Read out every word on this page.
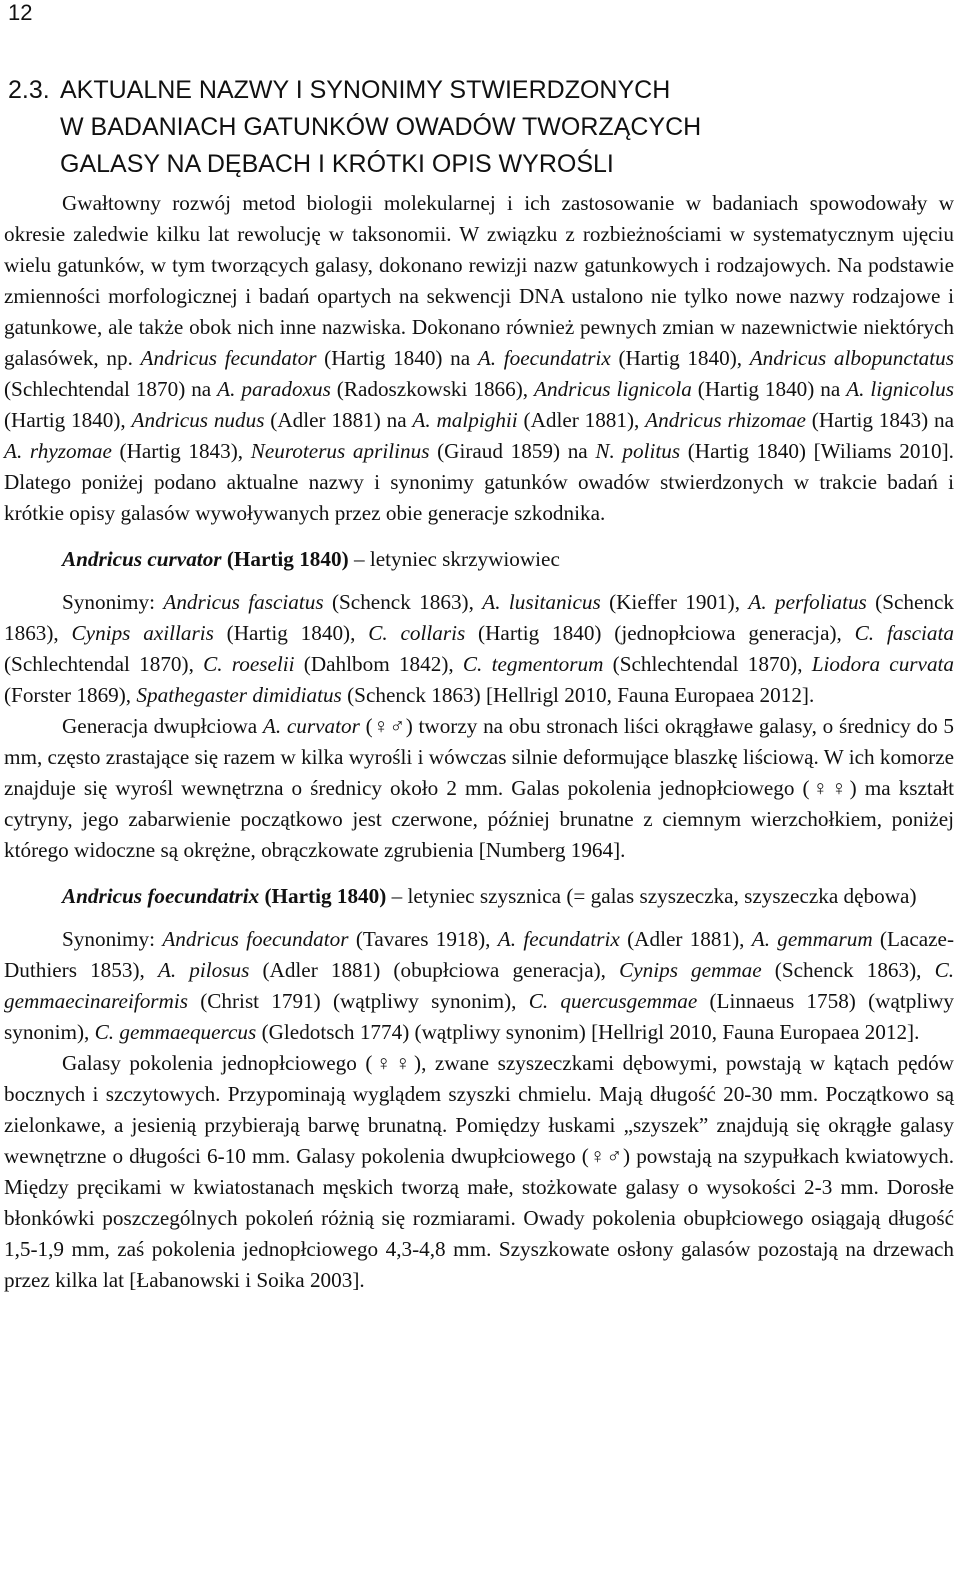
12
2.3. AKTUALNE NAZWY I SYNONIMY STWIERDZONYCH
W BADANIACH GATUNKÓW OWADÓW TWORZĄCYCH
GALASY NA DĘBACH I KRÓTKI OPIS WYROŚLI

Gwałtowny rozwój metod biologii molekularnej i ich zastosowanie w badaniach spowodowały w okresie zaledwie kilku lat rewolucję w taksonomii. W związku z rozbieżnościami w systematycznym ujęciu wielu gatunków, w tym tworzących galasy, dokonano rewizji nazw gatunkowych i rodzajowych. Na podstawie zmienności morfologicznej i badań opartych na sekwencji DNA ustalono nie tylko nowe nazwy rodzajowe i gatunkowe, ale także obok nich inne nazwiska. Dokonano również pewnych zmian w nazewnictwie niektórych galasówek, np. Andricus fecundator (Hartig 1840) na A. foecundatrix (Hartig 1840), Andricus albopunctatus (Schlechtendal 1870) na A. paradoxus (Radoszkowski 1866), Andricus lignicola (Hartig 1840) na A. lignicolus (Hartig 1840), Andricus nudus (Adler 1881) na A. malpighii (Adler 1881), Andricus rhizomae (Hartig 1843) na A. rhyzomae (Hartig 1843), Neuroterus aprilinus (Giraud 1859) na N. politus (Hartig 1840) [Wiliams 2010]. Dlatego poniżej podano aktualne nazwy i synonimy gatunków owadów stwierdzonych w trakcie badań i krótkie opisy galasów wywoływanych przez obie generacje szkodnika.

Andricus curvator (Hartig 1840) – letyniec skrzywiowiec

Synonimy: Andricus fasciatus (Schenck 1863), A. lusitanicus (Kieffer 1901), A. perfoliatus (Schenck 1863), Cynips axillaris (Hartig 1840), C. collaris (Hartig 1840) (jednopłciowa generacja), C. fasciata (Schlechtendal 1870), C. roeselii (Dahlbom 1842), C. tegmentorum (Schlechtendal 1870), Liodora curvata (Forster 1869), Spathegaster dimidiatus (Schenck 1863) [Hellrigl 2010, Fauna Europaea 2012].

Generacja dwupłciowa A. curvator (♀♂) tworzy na obu stronach liści okrągławe galasy, o średnicy do 5 mm, często zrastające się razem w kilka wyrośli i wówczas silnie deformujące blaszkę liściową. W ich komorze znajduje się wyrośl wewnętrzna o średnicy około 2 mm. Galas pokolenia jednopłciowego (♀♀) ma kształt cytryny, jego zabarwienie początkowo jest czerwone, później brunatne z ciemnym wierzchołkiem, poniżej którego widoczne są okrężne, obrączkowate zgrubienia [Numberg 1964].

Andricus foecundatrix (Hartig 1840) – letyniec szysznica (= galas szyszeczka, szyszeczka dębowa)

Synonimy: Andricus foecundator (Tavares 1918), A. fecundatrix (Adler 1881), A. gemmarum (Lacaze-Duthiers 1853), A. pilosus (Adler 1881) (obupłciowa generacja), Cynips gemmae (Schenck 1863), C. gemmaecinareiformis (Christ 1791) (wątpliwy synonim), C. quercusgemmae (Linnaeus 1758) (wątpliwy synonim), C. gemmaequercus (Gledotsch 1774) (wątpliwy synonim) [Hellrigl 2010, Fauna Europaea 2012].

Galasy pokolenia jednopłciowego (♀♀), zwane szyszeczkami dębowymi, powstają w kątach pędów bocznych i szczytowych. Przypominają wyglądem szyszki chmielu. Mają długość 20-30 mm. Początkowo są zielonkawe, a jesienią przybierają barwę brunatną. Pomiędzy łuskami „szyszek” znajdują się okrągłe galasy wewnętrzne o długości 6-10 mm. Galasy pokolenia dwupłciowego (♀♂) powstają na szypułkach kwiatowych. Między pręcikami w kwiatostanach męskich tworzą małe, stożkowate galasy o wysokości 2-3 mm. Dorosłe błonkówki poszczególnych pokoleń różnią się rozmiarami. Owady pokolenia obupłciowego osiągają długość 1,5-1,9 mm, zaś pokolenia jednopłciowego 4,3-4,8 mm. Szyszkowate osłony galasów pozostają na drzewach przez kilka lat [Łabanowski i Soika 2003].
